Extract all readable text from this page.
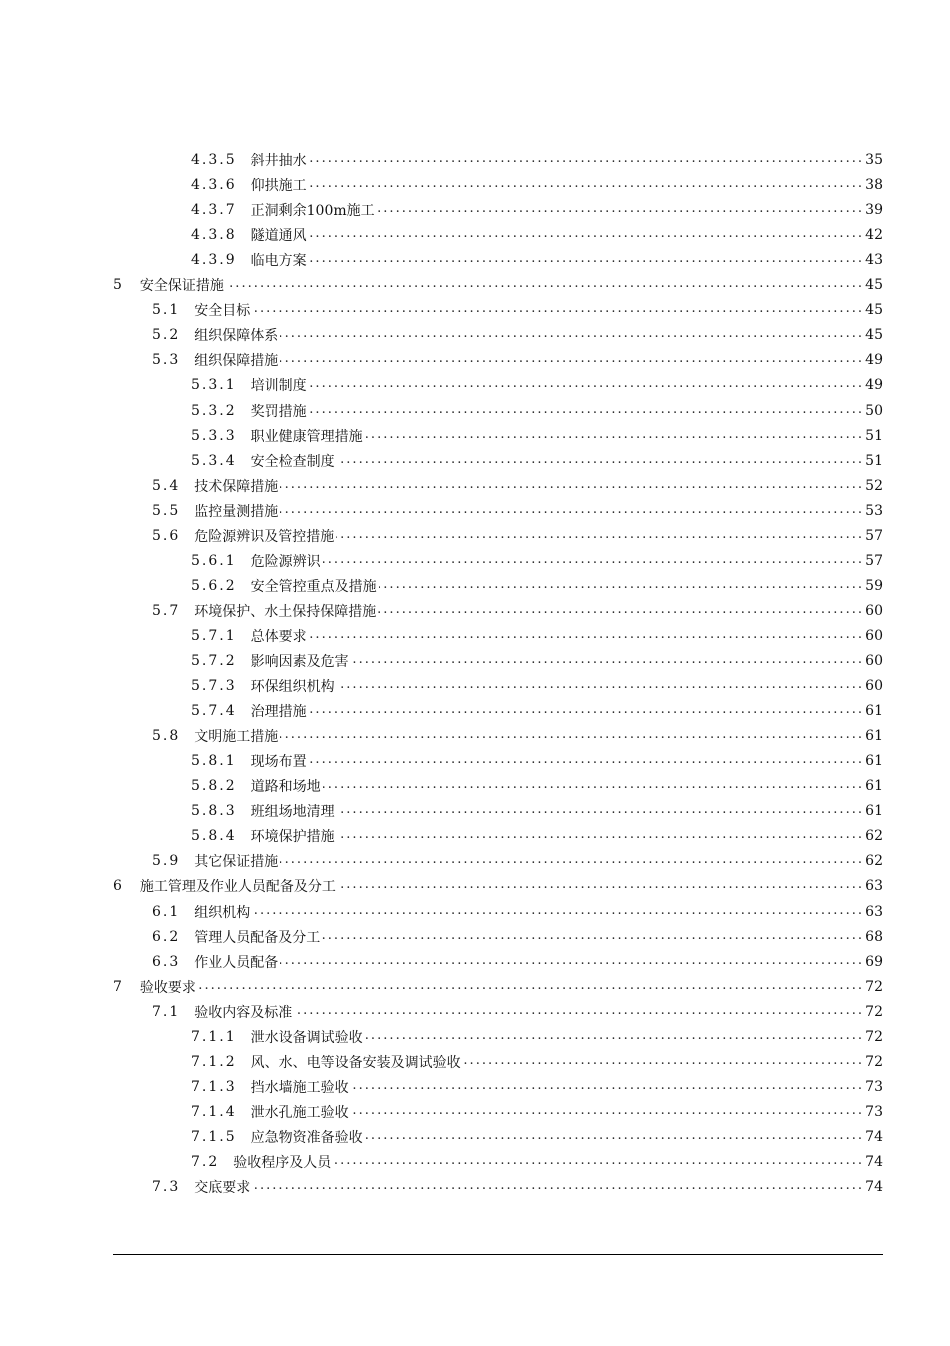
4.3.5 斜井抽水 . . .	35
4.3.6 仰拱施工 . . .	38
4.3.7 正洞剩余100m施工 . . .	39
4.3.8 隧道通风 . . .	42
4.3.9 临电方案 . . .	43
5 安全保证措施 . . .	45
5.1 安全目标 . . .	45
5.2 组织保障体系 . . .	45
5.3 组织保障措施 . . .	49
5.3.1 培训制度 . . .	49
5.3.2 奖罚措施 . . .	50
5.3.3 职业健康管理措施 . . .	51
5.3.4 安全检查制度 . . .	51
5.4 技术保障措施 . . .	52
5.5 监控量测措施 . . .	53
5.6 危险源辨识及管控措施 . . .	57
5.6.1 危险源辨识 . . .	57
5.6.2 安全管控重点及措施 . . .	59
5.7 环境保护、水土保持保障措施 . . .	60
5.7.1 总体要求 . . .	60
5.7.2 影响因素及危害 . . .	60
5.7.3 环保组织机构 . . .	60
5.7.4 治理措施 . . .	61
5.8 文明施工措施 . . .	61
5.8.1 现场布置 . . .	61
5.8.2 道路和场地 . . .	61
5.8.3 班组场地清理 . . .	61
5.8.4 环境保护措施 . . .	62
5.9 其它保证措施 . . .	62
6 施工管理及作业人员配备及分工 . . .	63
6.1 组织机构 . . .	63
6.2 管理人员配备及分工 . . .	68
6.3 作业人员配备 . . .	69
7 验收要求 . . .	72
7.1 验收内容及标准 . . .	72
7.1.1 泄水设备调试验收 . . .	72
7.1.2 风、水、电等设备安装及调试验收 . . .	72
7.1.3 挡水墙施工验收 . . .	73
7.1.4 泄水孔施工验收 . . .	73
7.1.5 应急物资准备验收 . . .	74
7.2 验收程序及人员 . . .	74
7.3 交底要求 . . .	74
